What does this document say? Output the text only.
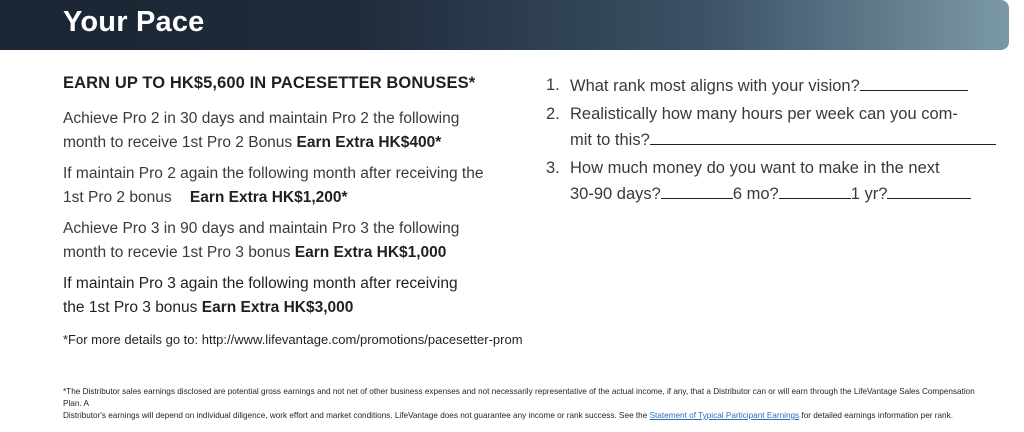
Your Pace
EARN UP TO HK$5,600 IN PACESETTER BONUSES*
Achieve Pro 2 in 30 days and maintain Pro 2 the following
month to receive 1st Pro 2 Bonus Earn Extra HK$400*
If maintain Pro 2 again the following month after receiving the
1st Pro 2 bonus Earn Extra HK$1,200*
Achieve Pro 3 in 90 days and maintain Pro 3 the following
month to recevie 1st Pro 3 bonus Earn Extra HK$1,000
If maintain Pro 3 again the following month after receiving
the 1st Pro 3 bonus Earn Extra HK$3,000
*For more details go to: http://www.lifevantage.com/promotions/pacesetter-prom
1. What rank most aligns with your vision?
2. Realistically how many hours per week can you com-
mit to this?
3. How much money do you want to make in the next
30-90 days?	6 mo?	1 yr?
*The Distributor sales earnings disclosed are potential gross earnings and not net of other business expenses and not necessarily representative of the actual income, if any, that a Distributor can or will earn through the LifeVantage Sales Compensation Plan. A
Distributor's earnings will depend on individual diligence, work effort and market conditions. LifeVantage does not guarantee any income or rank success. See the Statement of Typical Participant Earnings for detailed earnings information per rank.
